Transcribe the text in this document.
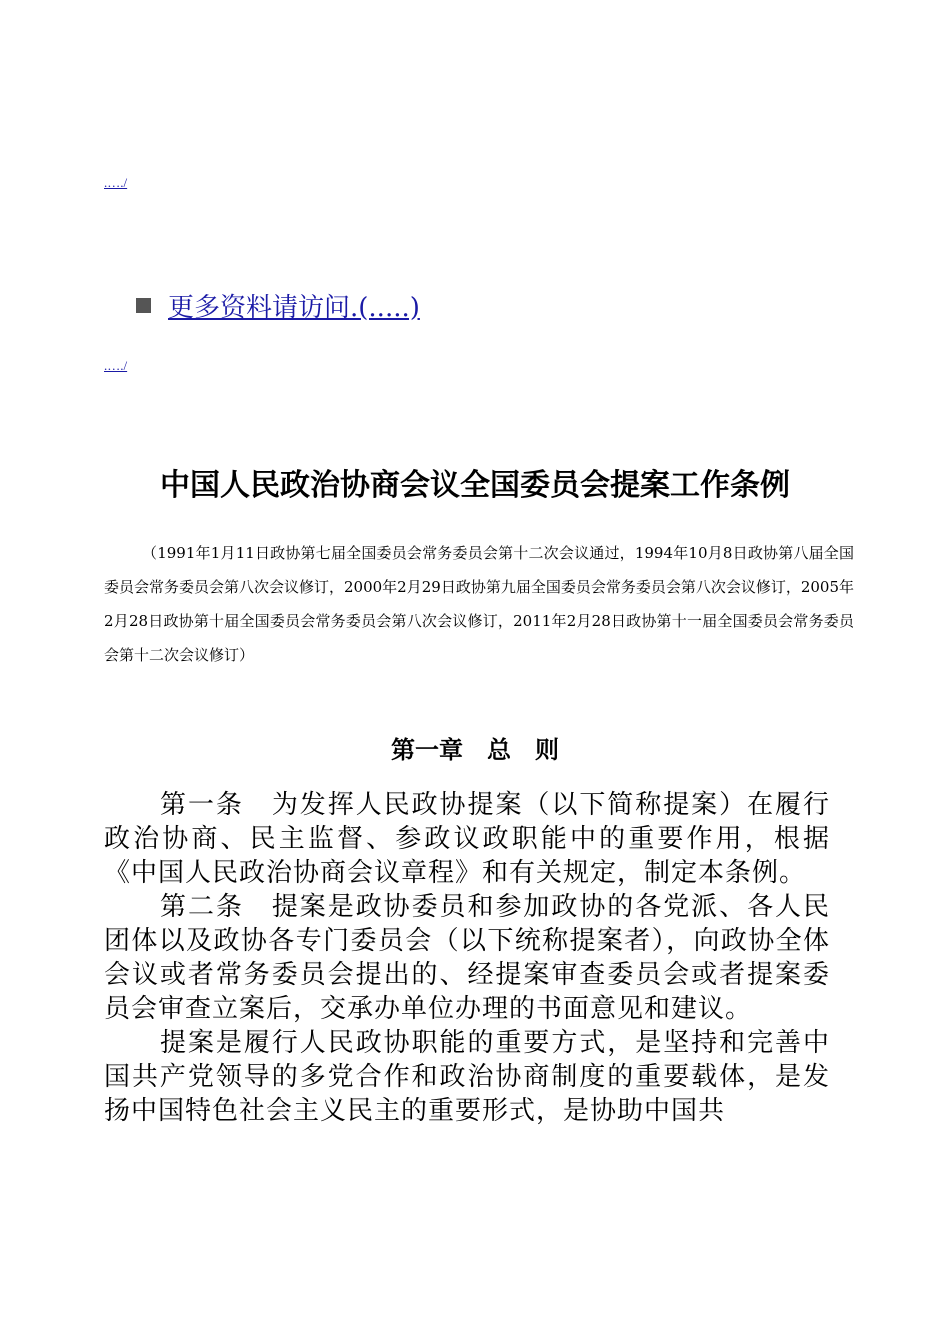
.…./
更多资料请访问.(.....)
.…./
中国人民政治协商会议全国委员会提案工作条例
（1991年1月11日政协第七届全国委员会常务委员会第十二次会议通过，1994年10月8日政协第八届全国委员会常务委员会第八次会议修订，2000年2月29日政协第九届全国委员会常务委员会第八次会议修订，2005年2月28日政协第十届全国委员会常务委员会第八次会议修订，2011年2月28日政协第十一届全国委员会常务委员会第十二次会议修订）
第一章　总　则

第一条　为发挥人民政协提案（以下简称提案）在履行政治协商、民主监督、参政议政职能中的重要作用，根据《中国人民政治协商会议章程》和有关规定，制定本条例。

第二条　提案是政协委员和参加政协的各党派、各人民团体以及政协各专门委员会（以下统称提案者），向政协全体会议或者常务委员会提出的、经提案审查委员会或者提案委员会审查立案后，交承办单位办理的书面意见和建议。

提案是履行人民政协职能的重要方式，是坚持和完善中国共产党领导的多党合作和政治协商制度的重要载体，是发扬中国特色社会主义民主的重要形式，是协助中国共
